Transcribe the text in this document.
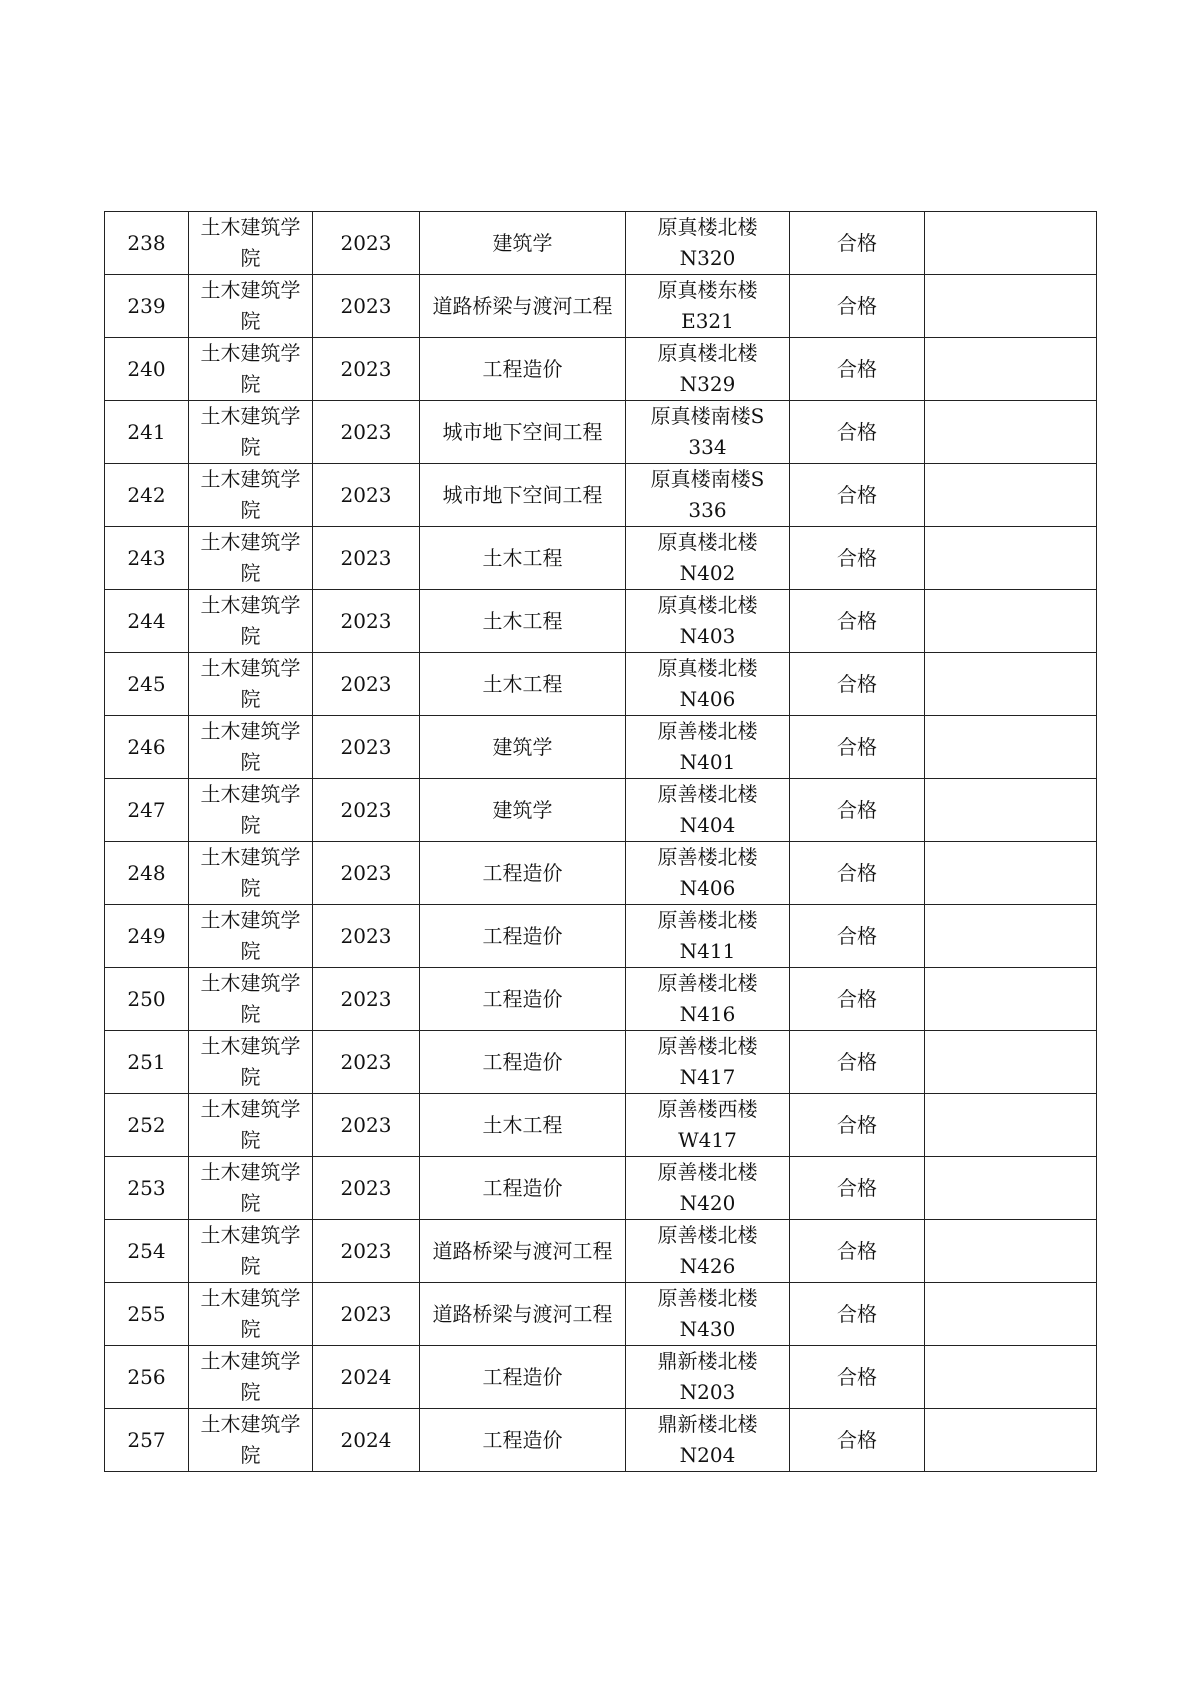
238	土木建筑学院	2023	建筑学	原真楼北楼N320	合格	

239	土木建筑学院	2023	道路桥梁与渡河工程	原真楼东楼E321	合格	

240	土木建筑学院	2023	工程造价	原真楼北楼N329	合格	

241	土木建筑学院	2023	城市地下空间工程	原真楼南楼S334	合格	

242	土木建筑学院	2023	城市地下空间工程	原真楼南楼S336	合格	

243	土木建筑学院	2023	土木工程	原真楼北楼N402	合格	

244	土木建筑学院	2023	土木工程	原真楼北楼N403	合格	

245	土木建筑学院	2023	土木工程	原真楼北楼N406	合格	

246	土木建筑学院	2023	建筑学	原善楼北楼N401	合格	

247	土木建筑学院	2023	建筑学	原善楼北楼N404	合格	

248	土木建筑学院	2023	工程造价	原善楼北楼N406	合格	

249	土木建筑学院	2023	工程造价	原善楼北楼N411	合格	

250	土木建筑学院	2023	工程造价	原善楼北楼N416	合格	

251	土木建筑学院	2023	工程造价	原善楼北楼N417	合格	

252	土木建筑学院	2023	土木工程	原善楼西楼W417	合格	

253	土木建筑学院	2023	工程造价	原善楼北楼N420	合格	

254	土木建筑学院	2023	道路桥梁与渡河工程	原善楼北楼N426	合格	

255	土木建筑学院	2023	道路桥梁与渡河工程	原善楼北楼N430	合格	

256	土木建筑学院	2024	工程造价	鼎新楼北楼N203	合格	

257	土木建筑学院	2024	工程造价	鼎新楼北楼N204	合格	
